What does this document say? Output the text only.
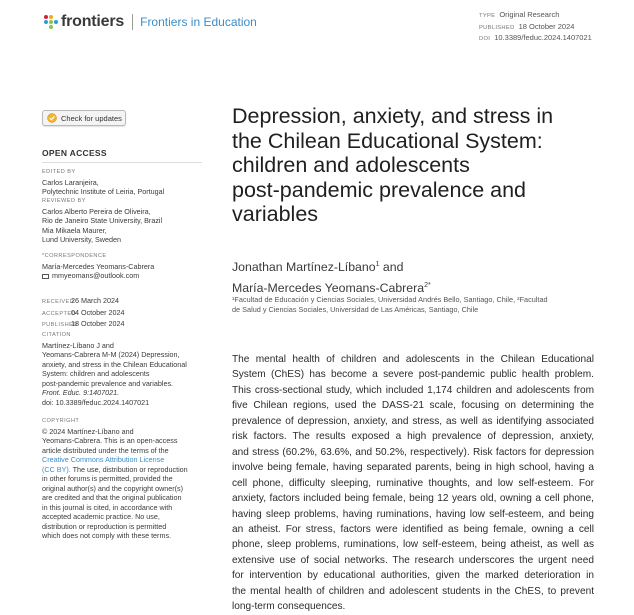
frontiers Frontiers in Education	TYPE Original Research
PUBLISHED 18 October 2024
DOI 10.3389/feduc.2024.1407021
Check for updates
OPEN ACCESS
EDITED BY
Carlos Laranjeira,
Polytechnic Institute of Leiria, Portugal
REVIEWED BY
Carlos Alberto Pereira de Oliveira,
Rio de Janeiro State University, Brazil
Mia Mikaela Maurer,
Lund University, Sweden
*CORRESPONDENCE
María-Mercedes Yeomans-Cabrera
mmyeomans@outlook.com
RECEIVED26 March 2024
ACCEPTED04 October 2024
PUBLISHED18 October 2024
CITATION
Martínez-Líbano J and
Yeomans-Cabrera M-M (2024) Depression,
anxiety, and stress in the Chilean Educational
System: children and adolescents
post-pandemic prevalence and variables.
Front. Educ. 9:1407021.
doi: 10.3389/feduc.2024.1407021
COPYRIGHT
© 2024 Martínez-Líbano and
Yeomans-Cabrera. This is an open-access
article distributed under the terms of the
Creative Commons Attribution License
(CC BY). The use, distribution or reproduction
in other forums is permitted, provided the
original author(s) and the copyright owner(s)
are credited and that the original publication
in this journal is cited, in accordance with
accepted academic practice. No use,
distribution or reproduction is permitted
which does not comply with these terms.
Depression, anxiety, and stress in
the Chilean Educational System:
children and adolescents
post-pandemic prevalence and
variables
Jonathan Martínez-Líbano$^1$ and
María-Mercedes Yeomans-Cabrera$^{2*}$
¹Facultad de Educación y Ciencias Sociales, Universidad Andrés Bello, Santiago, Chile, ²Facultad
de Salud y Ciencias Sociales, Universidad de Las Américas, Santiago, Chile
The mental health of children and adolescents in the Chilean Educational
System (ChES) has become a severe post-pandemic public health problem.
This cross-sectional study, which included 1,174 children and adolescents from
five Chilean regions, used the DASS-21 scale, focusing on determining the
prevalence of depression, anxiety, and stress, as well as identifying associated
risk factors. The results exposed a high prevalence of depression, anxiety,
and stress (60.2%, 63.6%, and 50.2%, respectively). Risk factors for depression
involve being female, having separated parents, being in high school, having a
cell phone, difficulty sleeping, ruminative thoughts, and low self-esteem. For
anxiety, factors included being female, being 12 years old, owning a cell phone,
having sleep problems, having ruminations, having low self-esteem, and being
an atheist. For stress, factors were identified as being female, owning a cell
phone, sleep problems, ruminations, low self-esteem, being atheist, as well as
extensive use of social networks. The research underscores the urgent need
for intervention by educational authorities, given the marked deterioration in
the mental health of children and adolescent students in the ChES, to prevent
long-term consequences.
